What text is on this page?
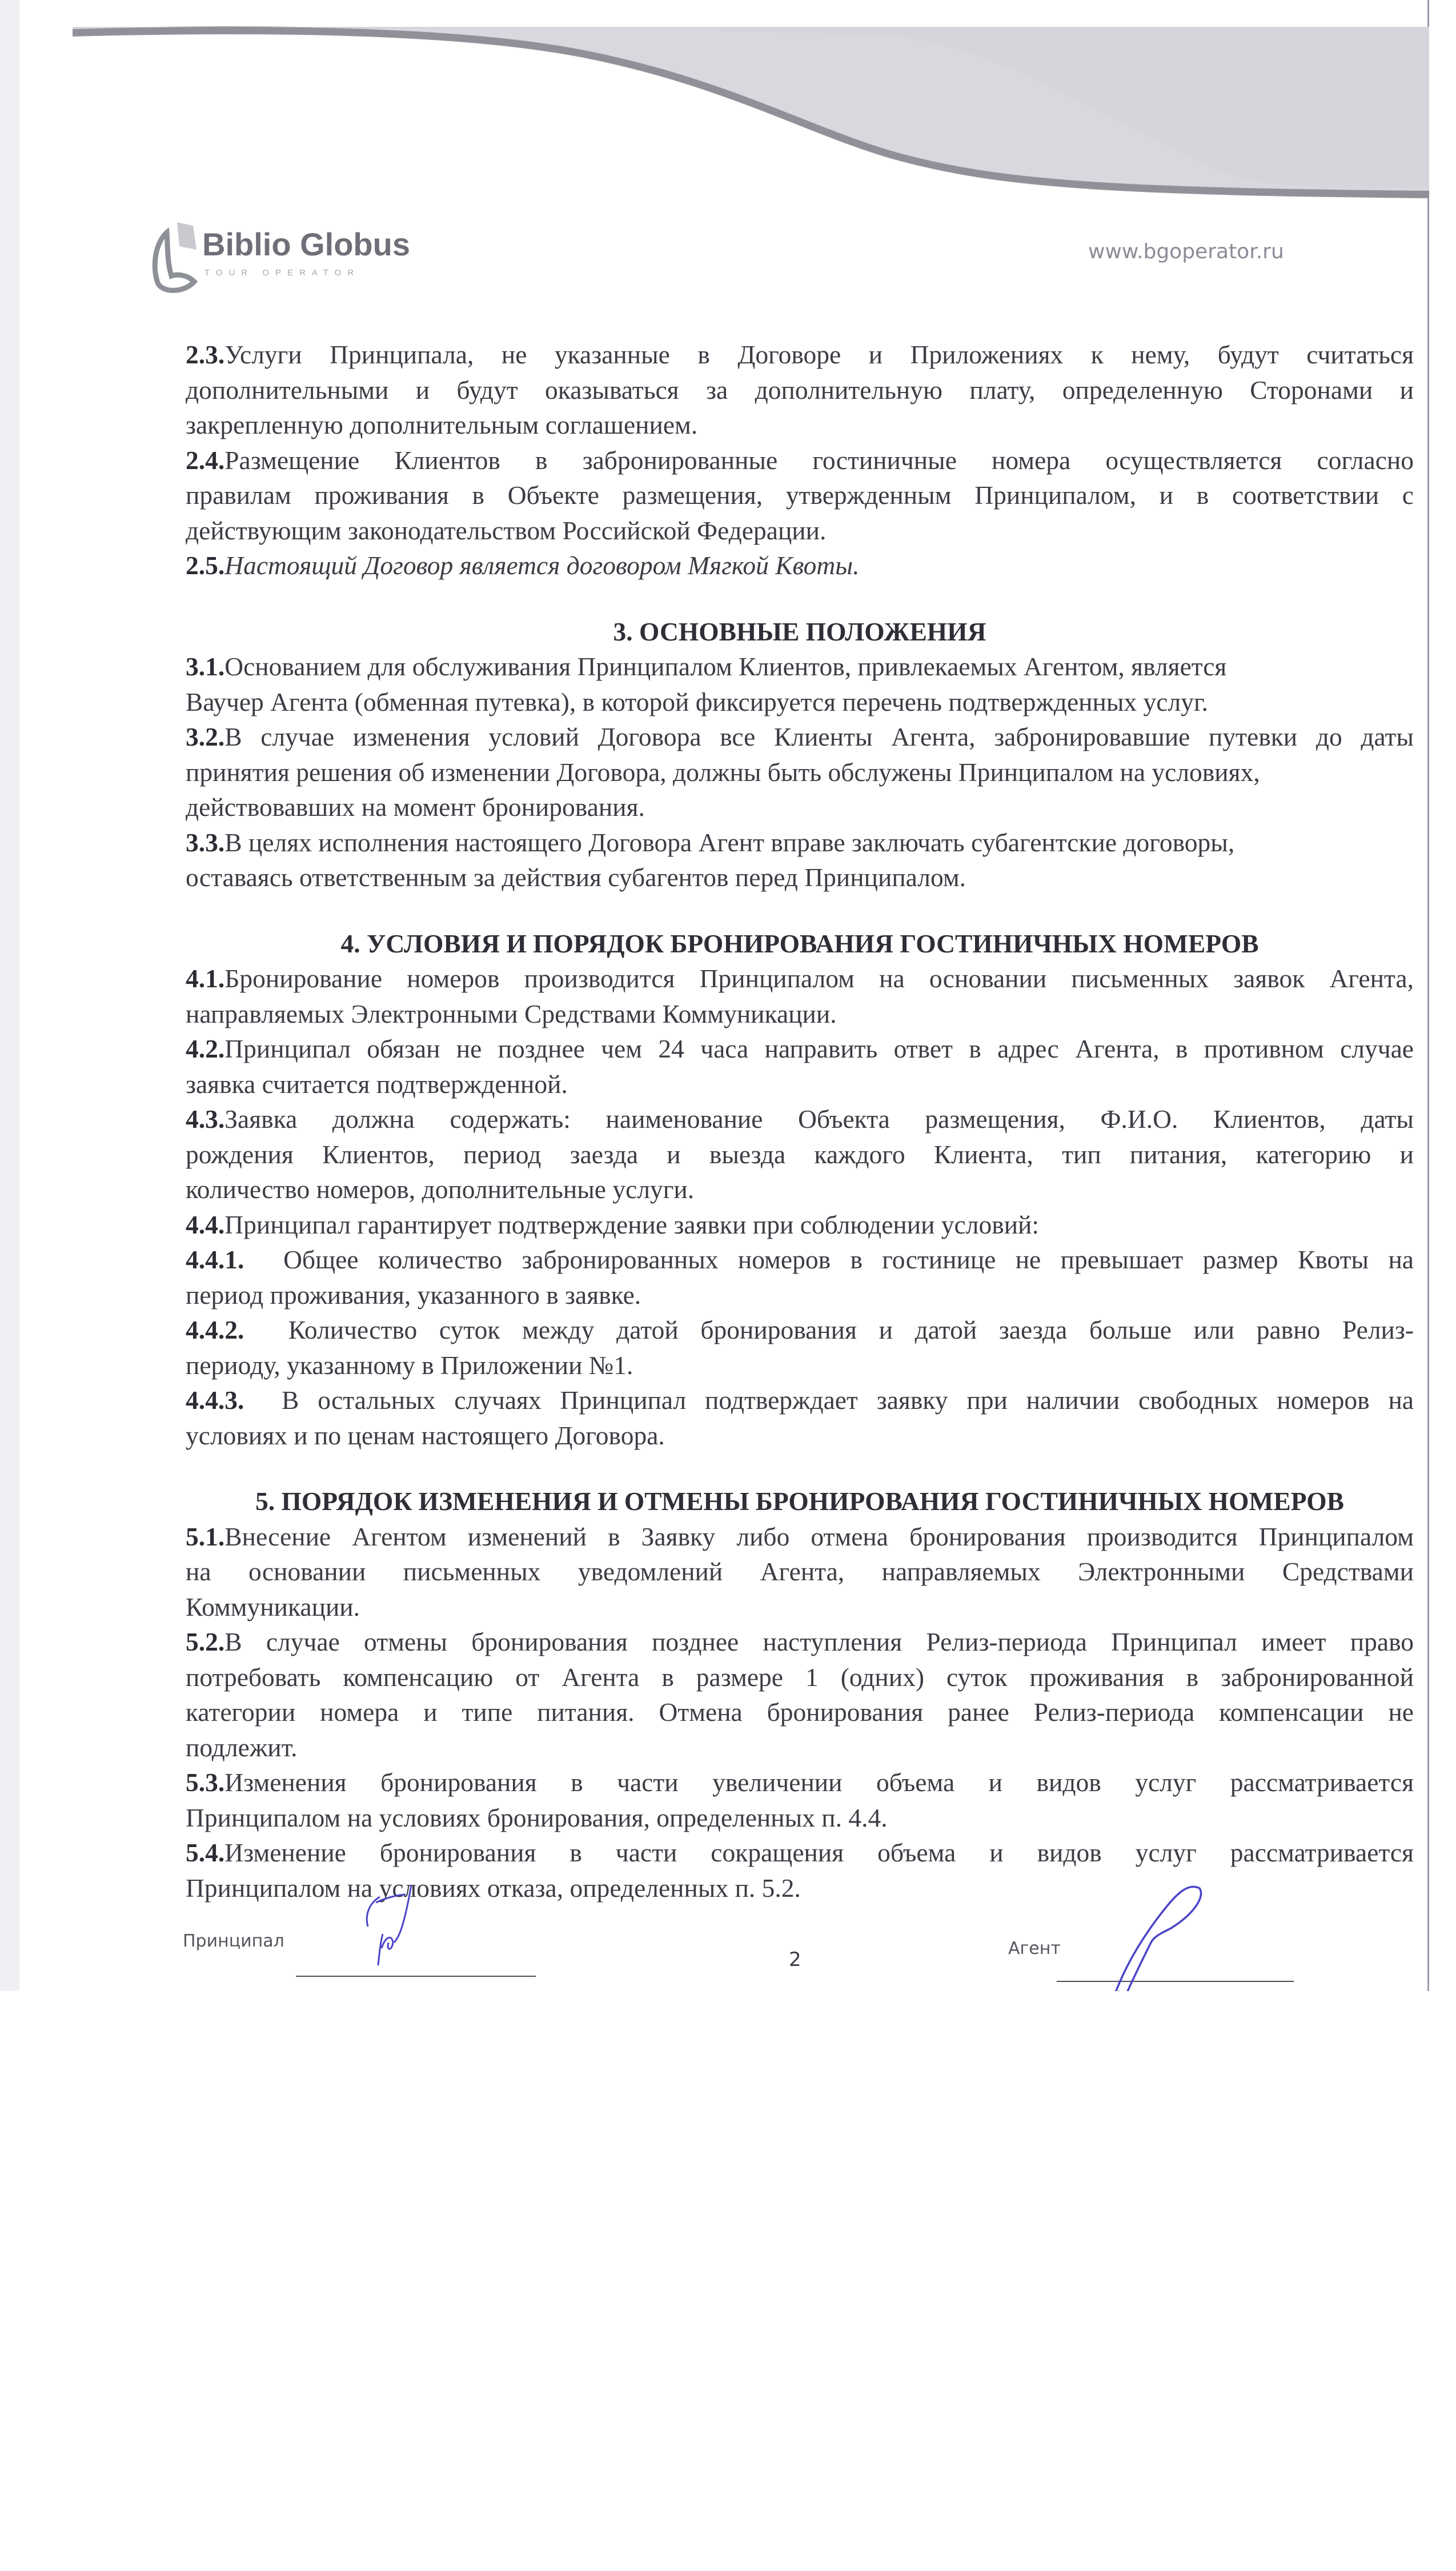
Biblio Globus
TOUR OPERATOR
www.bgoperator.ru
2.3.Услуги Принципала, не указанные в Договоре и Приложениях к нему, будут считаться
дополнительными и будут оказываться за дополнительную плату, определенную Сторонами и
закрепленную дополнительным соглашением.
2.4.Размещение Клиентов в забронированные гостиничные номера осуществляется согласно
правилам проживания в Объекте размещения, утвержденным Принципалом, и в соответствии с
действующим законодательством Российской Федерации.
2.5.Настоящий Договор является договором Мягкой Квоты.
3. ОСНОВНЫЕ ПОЛОЖЕНИЯ
3.1.Основанием для обслуживания Принципалом Клиентов, привлекаемых Агентом, является
Ваучер Агента (обменная путевка), в которой фиксируется перечень подтвержденных услуг.
3.2.В случае изменения условий Договора все Клиенты Агента, забронировавшие путевки до даты
принятия решения об изменении Договора, должны быть обслужены Принципалом на условиях,
действовавших на момент бронирования.
3.3.В целях исполнения настоящего Договора Агент вправе заключать субагентские договоры,
оставаясь ответственным за действия субагентов перед Принципалом.
4. УСЛОВИЯ И ПОРЯДОК БРОНИРОВАНИЯ ГОСТИНИЧНЫХ НОМЕРОВ
4.1.Бронирование номеров производится Принципалом на основании письменных заявок Агента,
направляемых Электронными Средствами Коммуникации.
4.2.Принципал обязан не позднее чем 24 часа направить ответ в адрес Агента, в противном случае
заявка считается подтвержденной.
4.3.Заявка должна содержать: наименование Объекта размещения, Ф.И.О. Клиентов, даты
рождения Клиентов, период заезда и выезда каждого Клиента, тип питания, категорию и
количество номеров, дополнительные услуги.
4.4.Принципал гарантирует подтверждение заявки при соблюдении условий:
4.4.1. Общее количество забронированных номеров в гостинице не превышает размер Квоты на
период проживания, указанного в заявке.
4.4.2. Количество суток между датой бронирования и датой заезда больше или равно Релиз-
периоду, указанному в Приложении №1.
4.4.3. В остальных случаях Принципал подтверждает заявку при наличии свободных номеров на
условиях и по ценам настоящего Договора.
5. ПОРЯДОК ИЗМЕНЕНИЯ И ОТМЕНЫ БРОНИРОВАНИЯ ГОСТИНИЧНЫХ НОМЕРОВ
5.1.Внесение Агентом изменений в Заявку либо отмена бронирования производится Принципалом
на основании письменных уведомлений Агента, направляемых Электронными Средствами
Коммуникации.
5.2.В случае отмены бронирования позднее наступления Релиз-периода Принципал имеет право
потребовать компенсацию от Агента в размере 1 (одних) суток проживания в забронированной
категории номера и типе питания. Отмена бронирования ранее Релиз-периода компенсации не
подлежит.
5.3.Изменения бронирования в части увеличении объема и видов услуг рассматривается
Принципалом на условиях бронирования, определенных п. 4.4.
5.4.Изменение бронирования в части сокращения объема и видов услуг рассматривается
Принципалом на условиях отказа, определенных п. 5.2.
Принципал	Агент
2
